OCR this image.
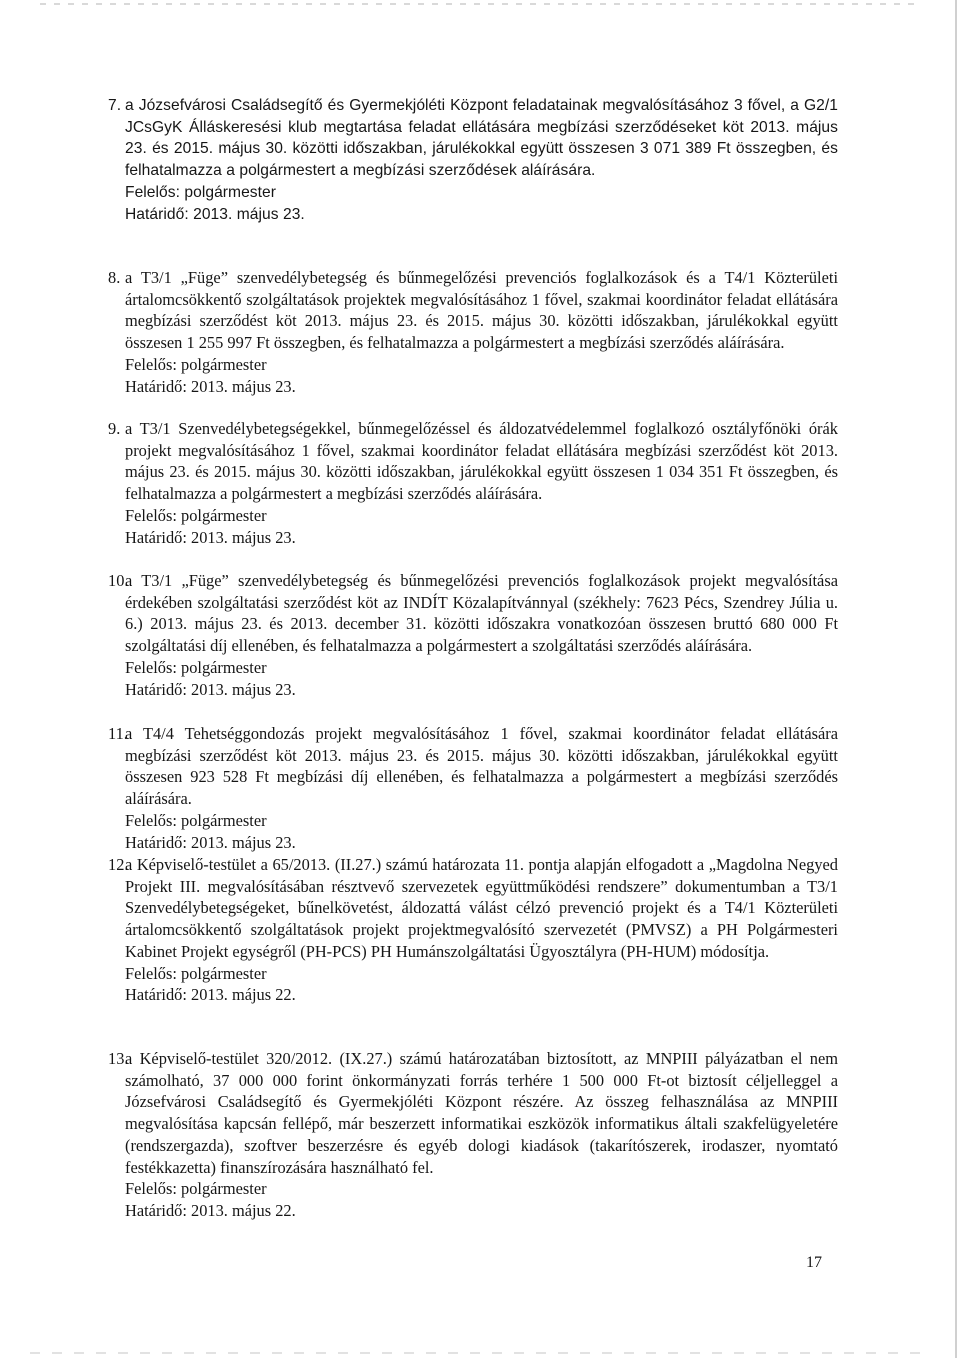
7. a Józsefvárosi Családsegítő és Gyermekjóléti Központ feladatainak megvalósításához 3 fővel, a G2/1 JCsGyK Álláskeresési klub megtartása feladat ellátására megbízási szerződéseket köt 2013. május 23. és 2015. május 30. közötti időszakban, járulékokkal együtt összesen 3 071 389 Ft összegben, és felhatalmazza a polgármestert a megbízási szerződések aláírására.
Felelős: polgármester
Határidő: 2013. május 23.
8. a T3/1 „Füge” szenvedélybetegség és bűnmegelőzési prevenciós foglalkozások és a T4/1 Közterületi ártalomcsökkentő szolgáltatások projektek megvalósításához 1 fővel, szakmai koordinátor feladat ellátására megbízási szerződést köt 2013. május 23. és 2015. május 30. közötti időszakban, járulékokkal együtt összesen 1 255 997 Ft összegben, és felhatalmazza a polgármestert a megbízási szerződés aláírására.
Felelős: polgármester
Határidő: 2013. május 23.
9. a T3/1 Szenvedélybetegségekkel, bűnmegelőzéssel és áldozatvédelemmel foglalkozó osztályfőnöki órák projekt megvalósításához 1 fővel, szakmai koordinátor feladat ellátására megbízási szerződést köt 2013. május 23. és 2015. május 30. közötti időszakban, járulékokkal együtt összesen 1 034 351 Ft összegben, és felhatalmazza a polgármestert a megbízási szerződés aláírására.
Felelős: polgármester
Határidő: 2013. május 23.
10.
a T3/1 „Füge” szenvedélybetegség és bűnmegelőzési prevenciós foglalkozások projekt megvalósítása érdekében szolgáltatási szerződést köt az INDÍT Közalapítvánnyal (székhely: 7623 Pécs, Szendrey Júlia u. 6.) 2013. május 23. és 2013. december 31. közötti időszakra vonatkozóan összesen bruttó 680 000 Ft szolgáltatási díj ellenében, és felhatalmazza a polgármestert a szolgáltatási szerződés aláírására.
Felelős: polgármester
Határidő: 2013. május 23.
11.
a T4/4 Tehetséggondozás projekt megvalósításához 1 fővel, szakmai koordinátor feladat ellátására megbízási szerződést köt 2013. május 23. és 2015. május 30. közötti időszakban, járulékokkal együtt összesen 923 528 Ft megbízási díj ellenében, és felhatalmazza a polgármestert a megbízási szerződés aláírására.
Felelős: polgármester
Határidő: 2013. május 23.
12.
a Képviselő-testület a 65/2013. (II.27.) számú határozata 11. pontja alapján elfogadott a „Magdolna Negyed Projekt III. megvalósításában résztvevő szervezetek együttműködési rendszere” dokumentumban a T3/1 Szenvedélybetegségeket, bűnelkövetést, áldozattá válást célzó prevenció projekt és a T4/1 Közterületi ártalomcsökkentő szolgáltatások projekt projektmegvalósító szervezetét (PMVSZ) a PH Polgármesteri Kabinet Projekt egységről (PH-PCS) PH Humánszolgáltatási Ügyosztályra (PH-HUM) módosítja.
Felelős: polgármester
Határidő: 2013. május 22.
13.
a Képviselő-testület 320/2012. (IX.27.) számú határozatában biztosított, az MNPIII pályázatban el nem számolható, 37 000 000 forint önkormányzati forrás terhére 1 500 000 Ft-ot biztosít céljelleggel a Józsefvárosi Családsegítő és Gyermekjóléti Központ részére. Az összeg felhasználása az MNPIII megvalósítása kapcsán fellépő, már beszerzett informatikai eszközök informatikus általi szakfelügyeletére (rendszergazda), szoftver beszerzésre és egyéb dologi kiadások (takarítószerek, irodaszer, nyomtató festékkazetta) finanszírozására használható fel.
Felelős: polgármester
Határidő: 2013. május 22.
17
